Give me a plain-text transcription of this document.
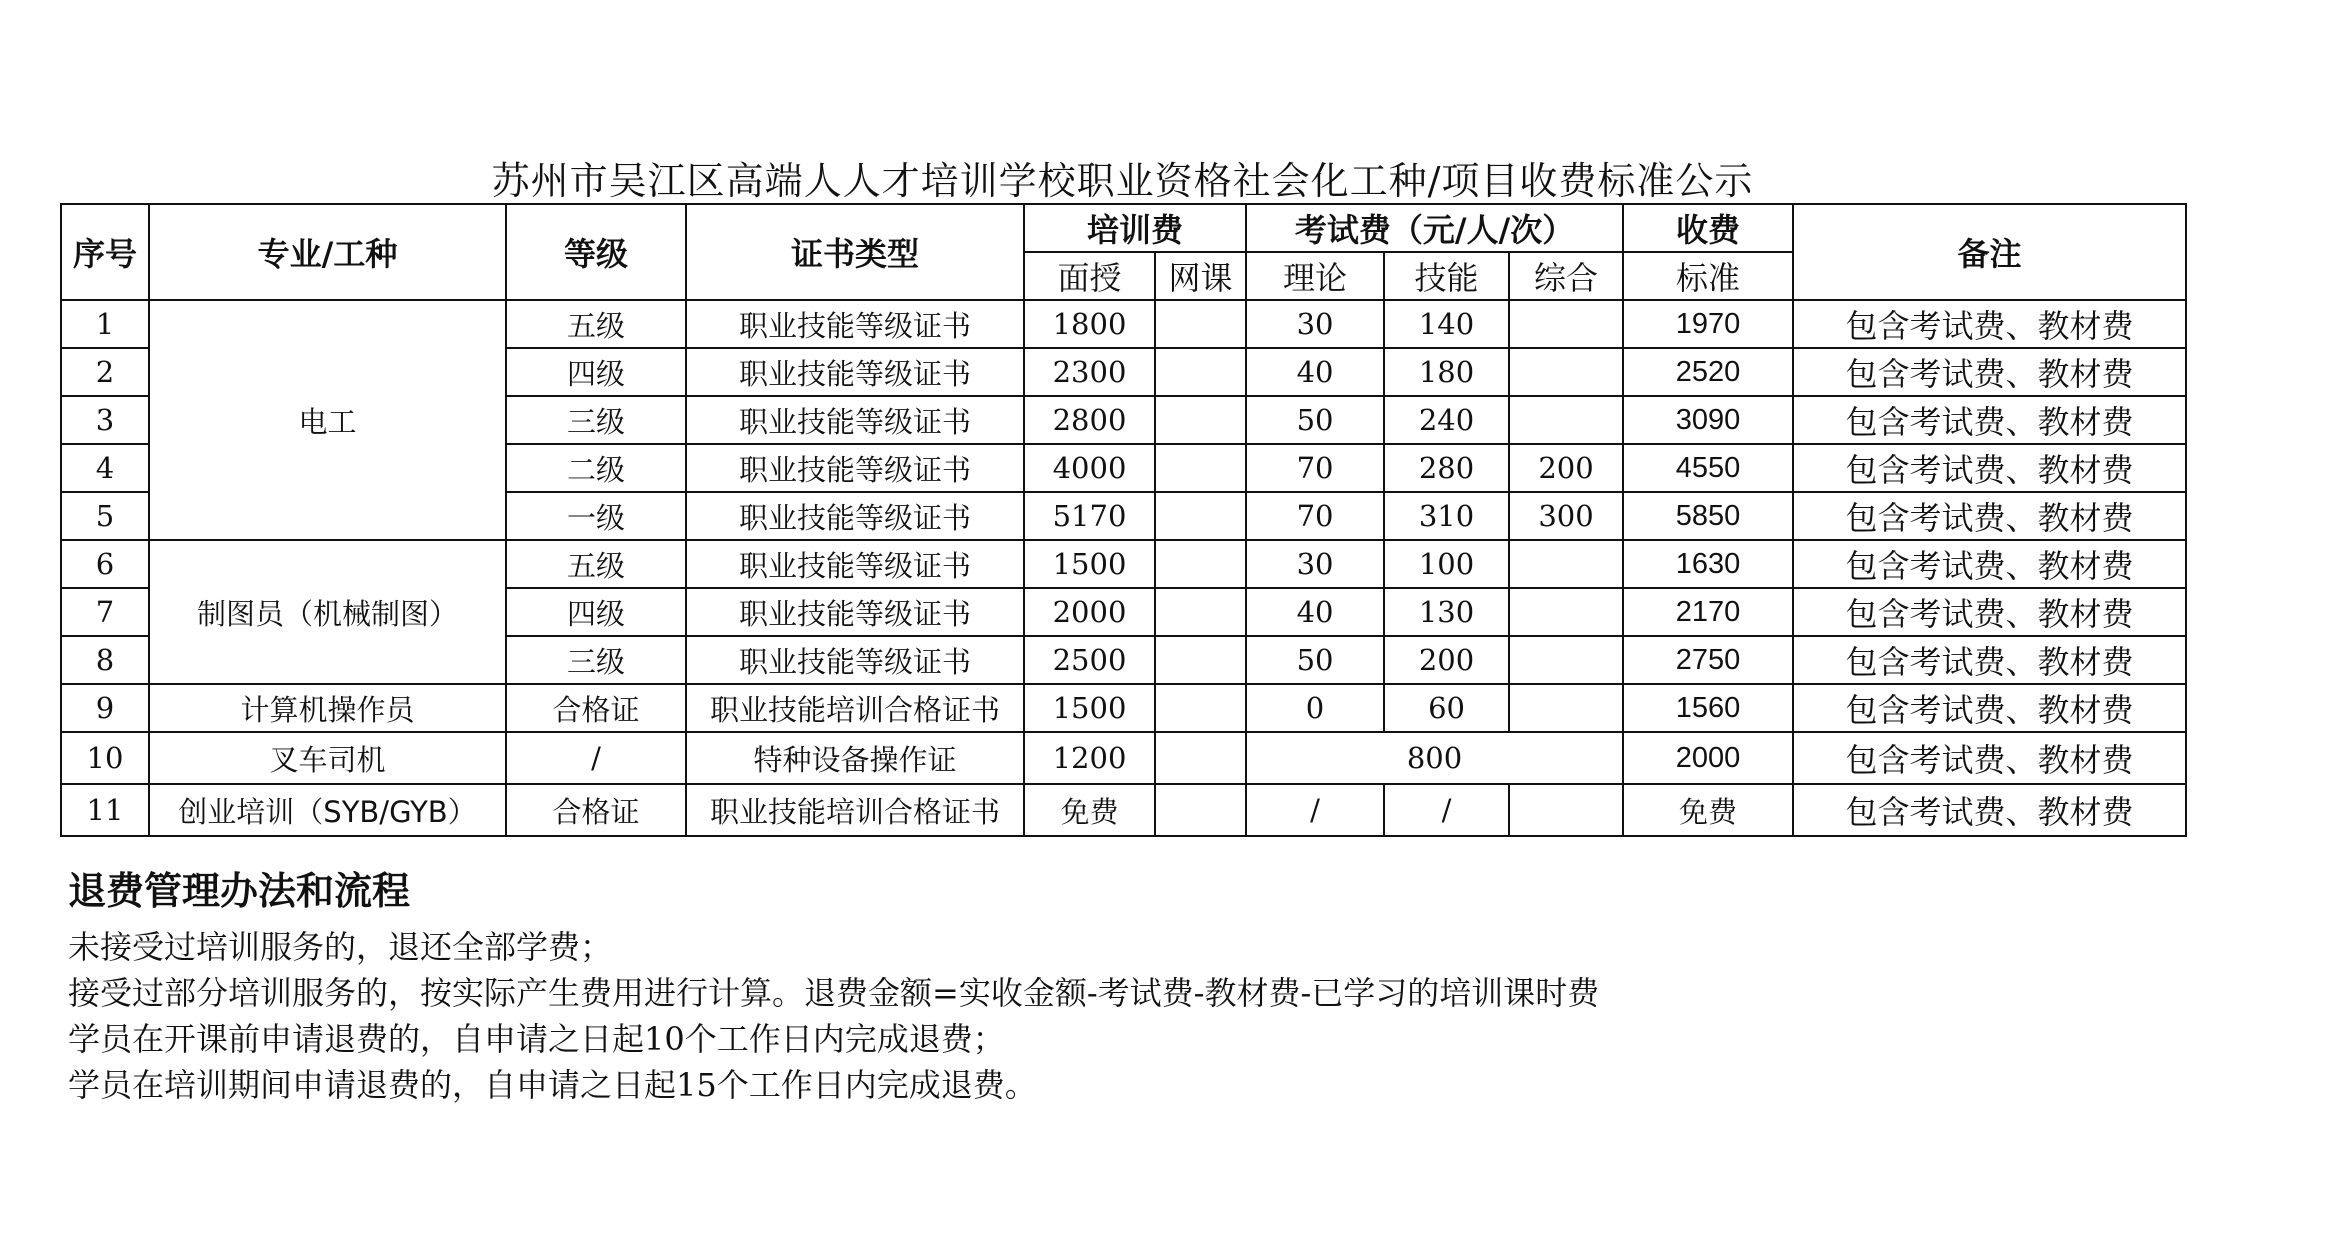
苏州市吴江区高端人人才培训学校职业资格社会化工种/项目收费标准公示
序号	专业/工种	等级	证书类型	培训费		考试费（元/人/次）			收费	备注
				面授	网课	理论	技能	综合	标准	
1	电工	五级	职业技能等级证书	1800		30	140		1970	包含考试费、教材费
2		四级	职业技能等级证书	2300		40	180		2520	包含考试费、教材费
3		三级	职业技能等级证书	2800		50	240		3090	包含考试费、教材费
4		二级	职业技能等级证书	4000		70	280	200	4550	包含考试费、教材费
5		一级	职业技能等级证书	5170		70	310	300	5850	包含考试费、教材费
6	制图员（机械制图）	五级	职业技能等级证书	1500		30	100		1630	包含考试费、教材费
7		四级	职业技能等级证书	2000		40	130		2170	包含考试费、教材费
8		三级	职业技能等级证书	2500		50	200		2750	包含考试费、教材费
9	计算机操作员	合格证	职业技能培训合格证书	1500		0	60		1560	包含考试费、教材费
10	叉车司机	/	特种设备操作证	1200		800			2000	包含考试费、教材费
11	创业培训（SYB/GYB）	合格证	职业技能培训合格证书	免费		/	/		免费	包含考试费、教材费
退费管理办法和流程

未接受过培训服务的，退还全部学费；

接受过部分培训服务的，按实际产生费用进行计算。退费金额=实收金额-考试费-教材费-已学习的培训课时费

学员在开课前申请退费的，自申请之日起10个工作日内完成退费；

学员在培训期间申请退费的，自申请之日起15个工作日内完成退费。
